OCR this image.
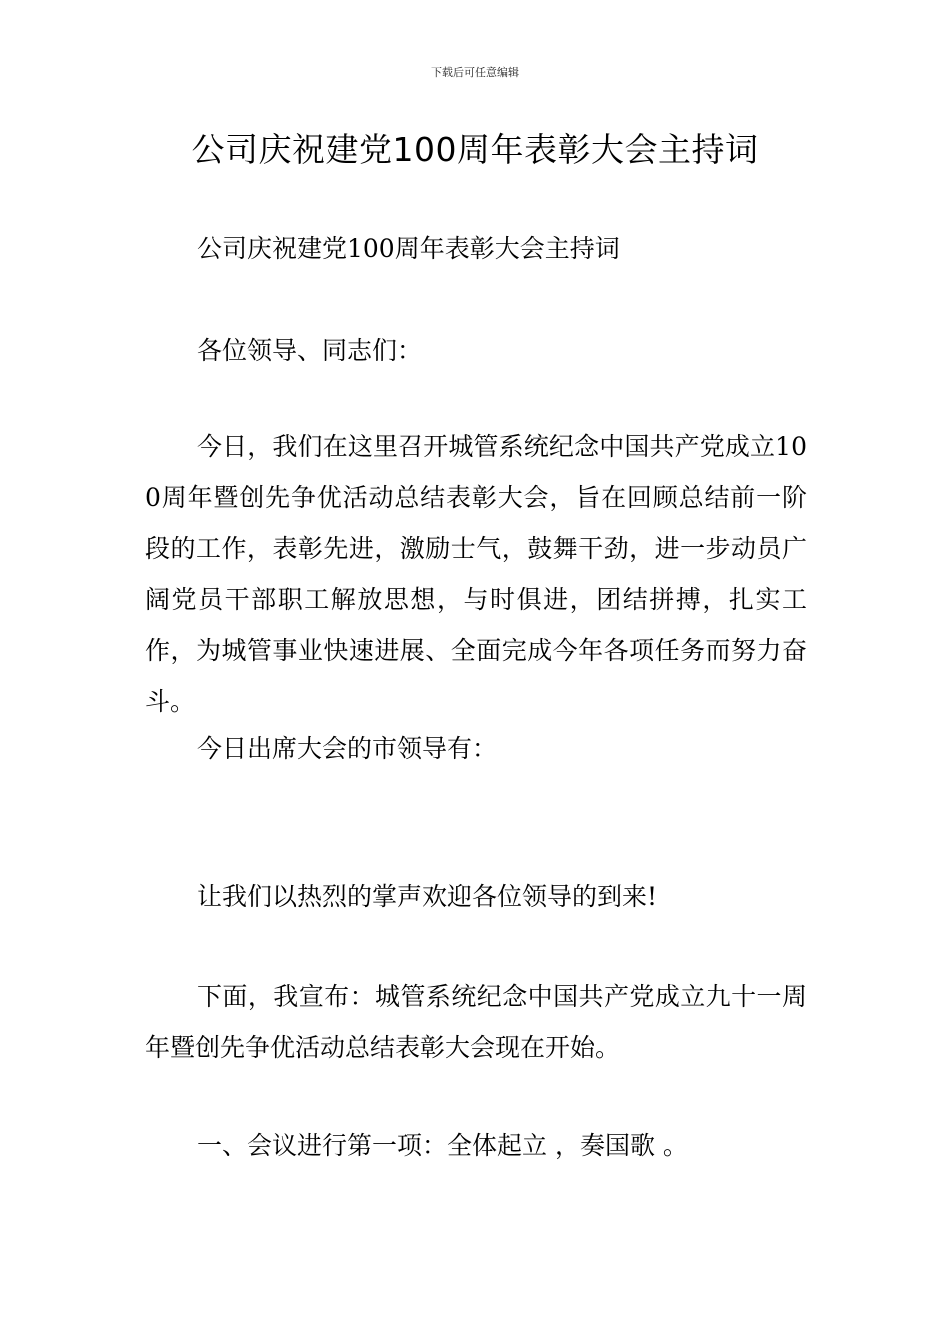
下载后可任意编辑
公司庆祝建党100周年表彰大会主持词

公司庆祝建党100周年表彰大会主持词

各位领导、同志们：

今日，我们在这里召开城管系统纪念中国共产党成立100周年暨创先争优活动总结表彰大会，旨在回顾总结前一阶段的工作，表彰先进，激励士气，鼓舞干劲，进一步动员广阔党员干部职工解放思想，与时俱进，团结拼搏，扎实工作，为城管事业快速进展、全面完成今年各项任务而努力奋斗。

今日出席大会的市领导有：

让我们以热烈的掌声欢迎各位领导的到来!

下面，我宣布：城管系统纪念中国共产党成立九十一周年暨创先争优活动总结表彰大会现在开始。

一、会议进行第一项：全体起立 ，奏国歌 。
